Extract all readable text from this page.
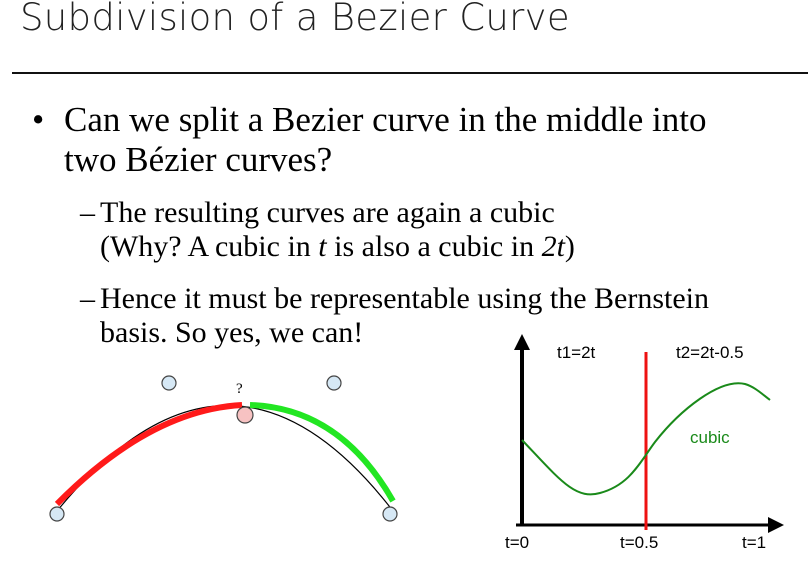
Subdivision of a Bezier Curve
• Can we split a Bezier curve in the middle into two Bézier curves?
– The resulting curves are again a cubic
(Why? A cubic in t is also a cubic in 2t)
– Hence it must be representable using the Bernstein
basis. So yes, we can!
?
t1=2t	t2=2t-0.5
cubic
t=0	t=0.5	t=1
